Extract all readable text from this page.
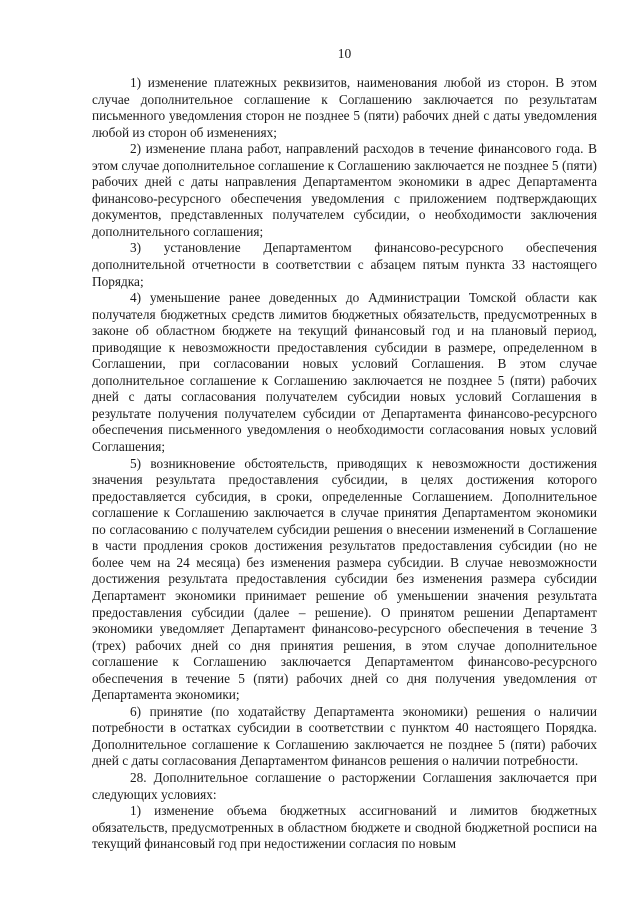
10

1) изменение платежных реквизитов, наименования любой из сторон. В этом случае дополнительное соглашение к Соглашению заключается по результатам письменного уведомления сторон не позднее 5 (пяти) рабочих дней с даты уведомления любой из сторон об изменениях;

2) изменение плана работ, направлений расходов в течение финансового года. В этом случае дополнительное соглашение к Соглашению заключается не позднее 5 (пяти) рабочих дней с даты направления Департаментом экономики в адрес Департамента финансово-ресурсного обеспечения уведомления с приложением подтверждающих документов, представленных получателем субсидии, о необходимости заключения дополнительного соглашения;

3) установление Департаментом финансово-ресурсного обеспечения дополнительной отчетности в соответствии с абзацем пятым пункта 33 настоящего Порядка;

4) уменьшение ранее доведенных до Администрации Томской области как получателя бюджетных средств лимитов бюджетных обязательств, предусмотренных в законе об областном бюджете на текущий финансовый год и на плановый период, приводящие к невозможности предоставления субсидии в размере, определенном в Соглашении, при согласовании новых условий Соглашения. В этом случае дополнительное соглашение к Соглашению заключается не позднее 5 (пяти) рабочих дней с даты согласования получателем субсидии новых условий Соглашения в результате получения получателем субсидии от Департамента финансово-ресурсного обеспечения письменного уведомления о необходимости согласования новых условий Соглашения;

5) возникновение обстоятельств, приводящих к невозможности достижения значения результата предоставления субсидии, в целях достижения которого предоставляется субсидия, в сроки, определенные Соглашением. Дополнительное соглашение к Соглашению заключается в случае принятия Департаментом экономики по согласованию с получателем субсидии решения о внесении изменений в Соглашение в части продления сроков достижения результатов предоставления субсидии (но не более чем на 24 месяца) без изменения размера субсидии. В случае невозможности достижения результата предоставления субсидии без изменения размера субсидии Департамент экономики принимает решение об уменьшении значения результата предоставления субсидии (далее – решение). О принятом решении Департамент экономики уведомляет Департамент финансово-ресурсного обеспечения в течение 3 (трех) рабочих дней со дня принятия решения, в этом случае дополнительное соглашение к Соглашению заключается Департаментом финансово-ресурсного обеспечения в течение 5 (пяти) рабочих дней со дня получения уведомления от Департамента экономики;

6) принятие (по ходатайству Департамента экономики) решения о наличии потребности в остатках субсидии в соответствии с пунктом 40 настоящего Порядка. Дополнительное соглашение к Соглашению заключается не позднее 5 (пяти) рабочих дней с даты согласования Департаментом финансов решения о наличии потребности.

28. Дополнительное соглашение о расторжении Соглашения заключается при следующих условиях:

1) изменение объема бюджетных ассигнований и лимитов бюджетных обязательств, предусмотренных в областном бюджете и сводной бюджетной росписи на текущий финансовый год при недостижении согласия по новым
